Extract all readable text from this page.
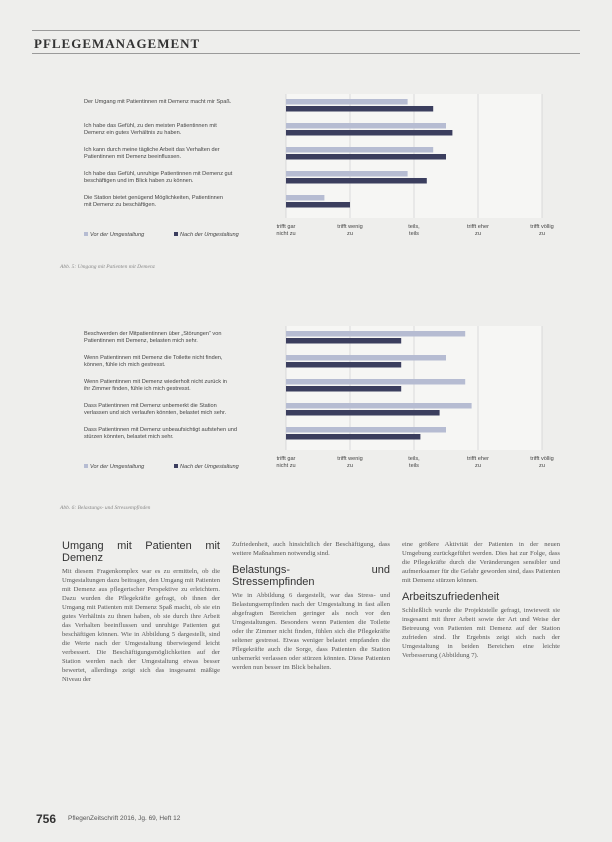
PFLEGEMANAGEMENT
Der Umgang mit Patientinnen mit Demenz macht mir Spaß.
Ich habe das Gefühl, zu den meisten Patientinnen mit Demenz ein gutes Verhältnis zu haben.
Ich kann durch meine tägliche Arbeit das Verhalten der Patientinnen mit Demenz beeinflussen.
Ich habe das Gefühl, unruhige Patientinnen mit Demenz gut beschäftigen und im Blick haben zu können.
Die Station bietet genügend Möglichkeiten, Patientinnen mit Demenz zu beschäftigen.
trifft gar nicht zu
trifft wenig zu
teils, teils
trifft eher zu
trifft völlig zu
Vor der Umgestaltung	Nach der Umgestaltung
Abb. 5: Umgang mit Patienten mit Demenz
Beschwerden der Mitpatientinnen über „Störungen“ von Patientinnen mit Demenz, belasten mich sehr.
Wenn Patientinnen mit Demenz die Toilette nicht finden, können, fühle ich mich gestresst.
Wenn Patientinnen mit Demenz wiederholt nicht zurück in ihr Zimmer finden, fühle ich mich gestresst.
Dass Patientinnen mit Demenz unbemerkt die Station verlassen und sich verlaufen könnten, belastet mich sehr.
Dass Patientinnen mit Demenz unbeaufsichtigt aufstehen und stürzen könnten, belastet mich sehr.
trifft gar nicht zu
trifft wenig zu
teils, teils
trifft eher zu
trifft völlig zu
Vor der Umgestaltung	Nach der Umgestaltung
Abb. 6: Belastungs- und Stressempfinden
Umgang mit Patienten mit Demenz

Mit diesem Fragenkomplex war es zu ermitteln, ob die Umgestaltungen dazu beitragen, den Umgang mit Patienten mit Demenz aus pflegerischer Perspektive zu erleichtern. Dazu wurden die Pflegekräfte gefragt, ob ihnen der Umgang mit Patienten mit Demenz Spaß macht, ob sie ein gutes Verhältnis zu ihnen haben, ob sie durch ihre Arbeit das Verhalten beeinflussen und unruhige Patienten gut beschäftigen können. Wie in Abbildung 5 dargestellt, sind die Werte nach der Umgestaltung überwiegend leicht verbessert. Die Beschäftigungsmöglichkeiten auf der Station werden nach der Umgestaltung etwas besser bewertet, allerdings zeigt sich das insgesamt mäßige Niveau der

Zufriedenheit, auch hinsichtlich der Beschäftigung, dass weitere Maßnahmen notwendig sind.

Belastungs- und Stressempfinden

Wie in Abbildung 6 dargestellt, war das Stress- und Belastungsempfinden nach der Umgestaltung in fast allen abgefragten Bereichen geringer als noch vor den Umgestaltungen. Besonders wenn Patienten die Toilette oder ihr Zimmer nicht finden, fühlen sich die Pflegekräfte seltener gestresst. Etwas weniger belastet empfanden die Pflegekräfte auch die Sorge, dass Patienten die Station unbemerkt verlassen oder stürzen könnten. Diese Patienten werden nun besser im Blick behalten.

eine größere Aktivität der Patienten in der neuen Umgebung zurückgeführt werden. Dies hat zur Folge, dass die Pflegekräfte durch die Veränderungen sensibler und aufmerksamer für die Gefahr geworden sind, dass Patienten mit Demenz stürzen können.

Arbeitszufriedenheit

Schließlich wurde die Projektstelle gefragt, inwieweit sie insgesamt mit ihrer Arbeit sowie der Art und Weise der Betreuung von Patienten mit Demenz auf der Station zufrieden sind. Ihr Ergebnis zeigt sich nach der Umgestaltung in beiden Bereichen eine leichte Verbesserung (Abbildung 7).

756 PflegenZeitschrift 2016, Jg. 69, Heft 12
